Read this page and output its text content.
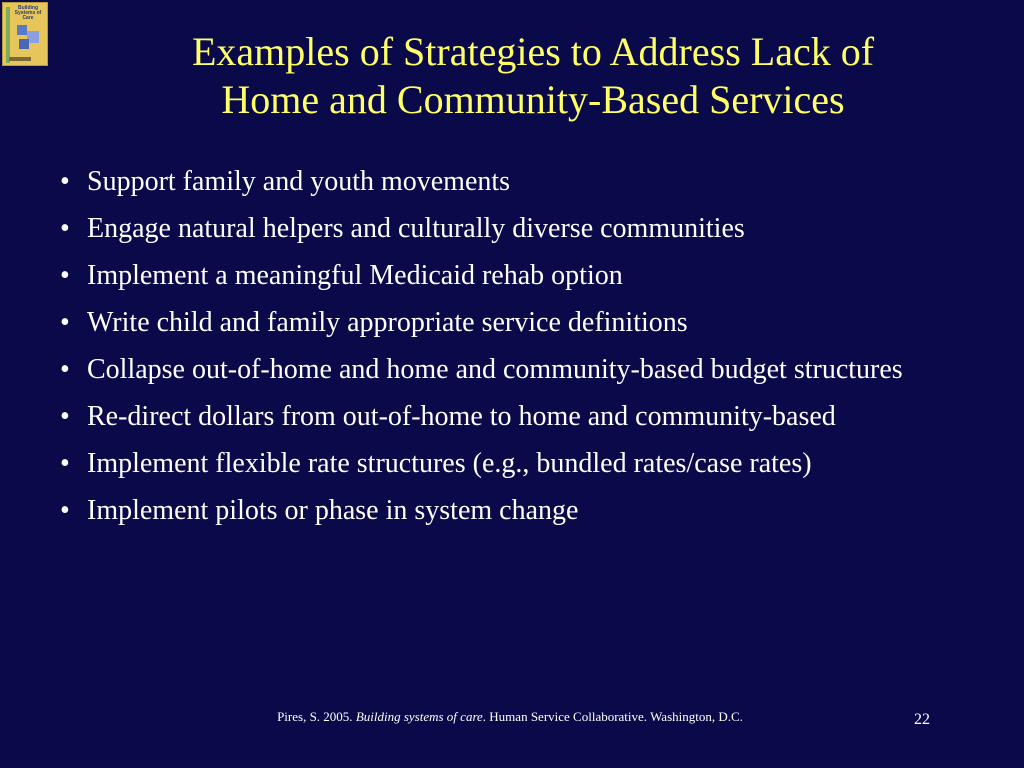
Building Systems of Care
Examples of Strategies to Address Lack of
Home and Community-Based Services
• Support family and youth movements
• Engage natural helpers and culturally diverse communities
• Implement a meaningful Medicaid rehab option
• Write child and family appropriate service definitions
• Collapse out-of-home and home and community-based budget structures
• Re-direct dollars from out-of-home to home and community-based
• Implement flexible rate structures (e.g., bundled rates/case rates)
• Implement pilots or phase in system change
Pires, S. 2005. Building systems of care. Human Service Collaborative. Washington, D.C.	22
